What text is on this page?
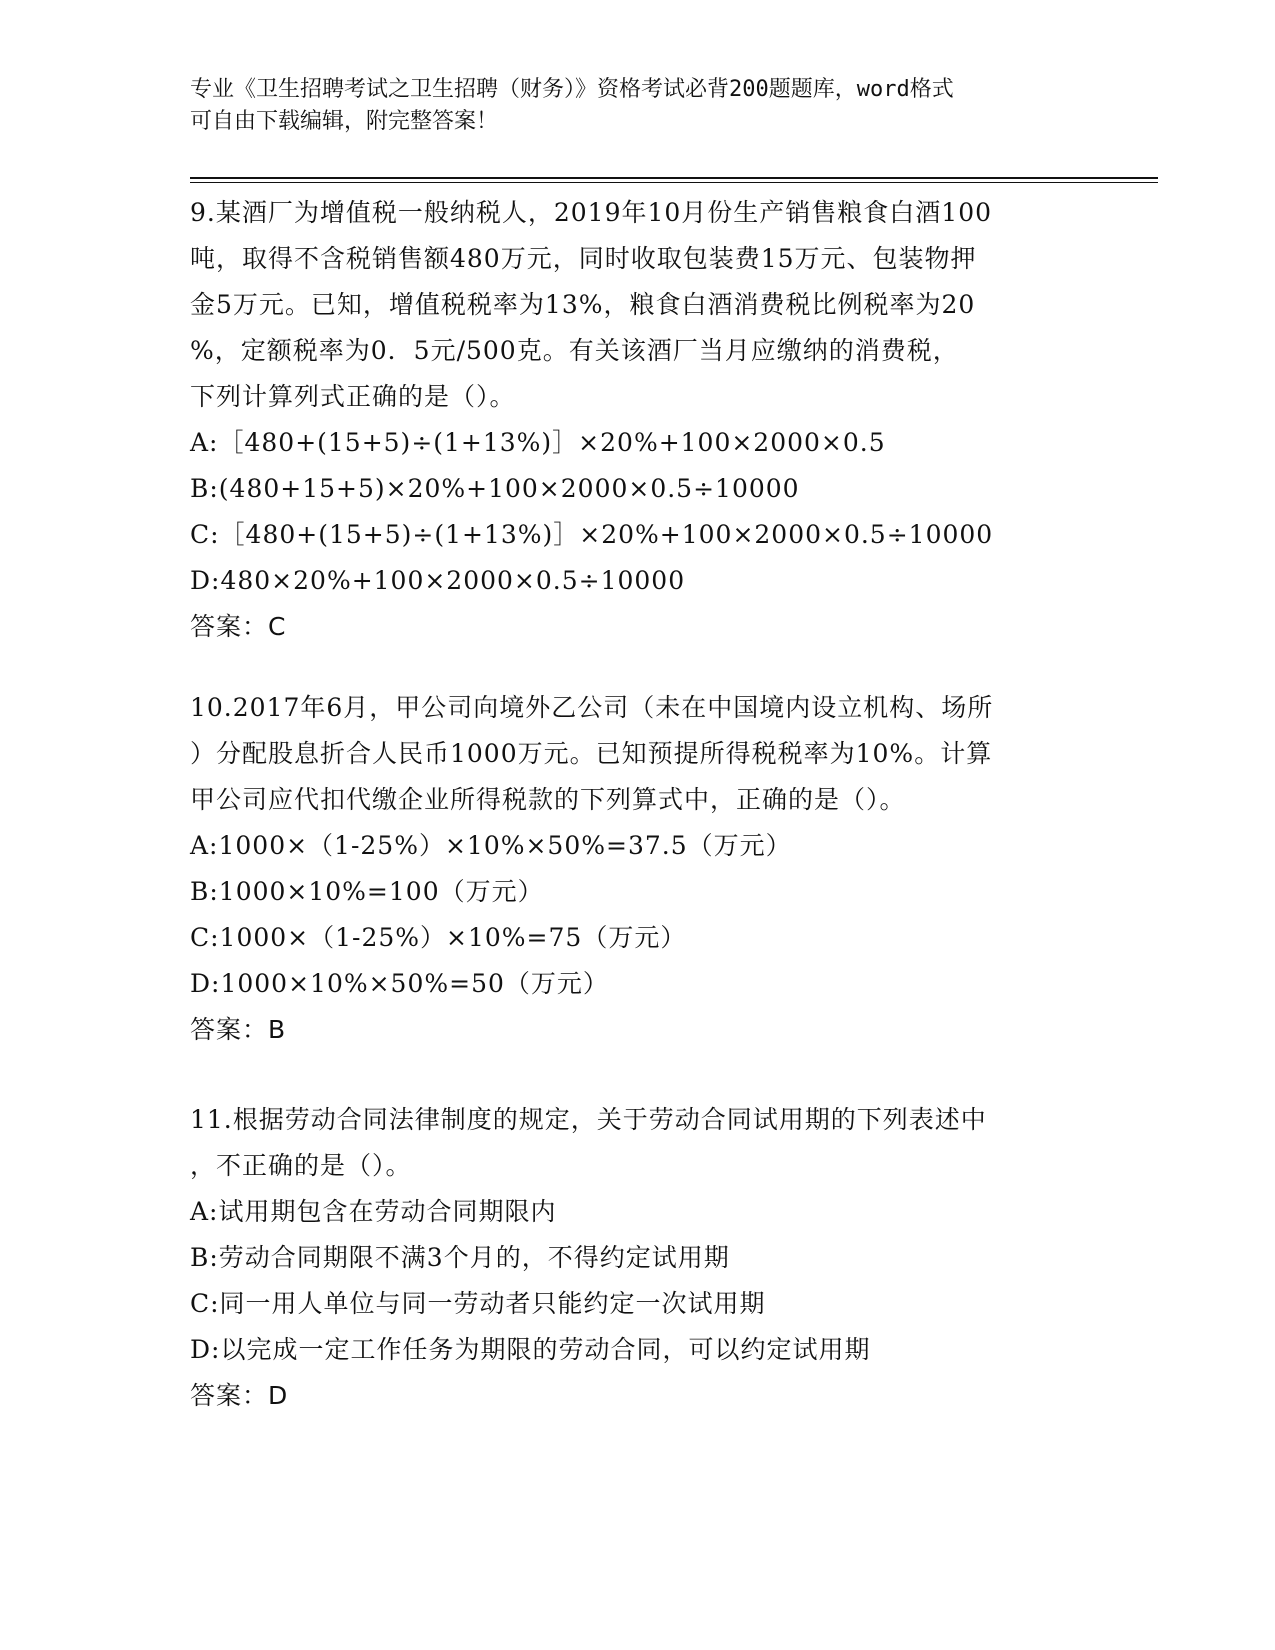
专业《卫生招聘考试之卫生招聘（财务）》资格考试必背200题题库，word格式
可自由下载编辑，附完整答案！
9.某酒厂为增值税一般纳税人，2019年10月份生产销售粮食白酒100
吨，取得不含税销售额480万元，同时收取包装费15万元、包装物押
金5万元。已知，增值税税率为13%，粮食白酒消费税比例税率为20
%，定额税率为0．5元/500克。有关该酒厂当月应缴纳的消费税，
下列计算列式正确的是（）。
A:［480+(15+5)÷(1+13%)］×20%+100×2000×0.5
B:(480+15+5)×20%+100×2000×0.5÷10000
C:［480+(15+5)÷(1+13%)］×20%+100×2000×0.5÷10000
D:480×20%+100×2000×0.5÷10000
答案：C
10.2017年6月，甲公司向境外乙公司（未在中国境内设立机构、场所
）分配股息折合人民币1000万元。已知预提所得税税率为10%。计算
甲公司应代扣代缴企业所得税款的下列算式中，正确的是（）。
A:1000×（1-25%）×10%×50%=37.5（万元）
B:1000×10%=100（万元）
C:1000×（1-25%）×10%=75（万元）
D:1000×10%×50%=50（万元）
答案：B
11.根据劳动合同法律制度的规定，关于劳动合同试用期的下列表述中
，不正确的是（）。
A:试用期包含在劳动合同期限内
B:劳动合同期限不满3个月的，不得约定试用期
C:同一用人单位与同一劳动者只能约定一次试用期
D:以完成一定工作任务为期限的劳动合同，可以约定试用期
答案：D
